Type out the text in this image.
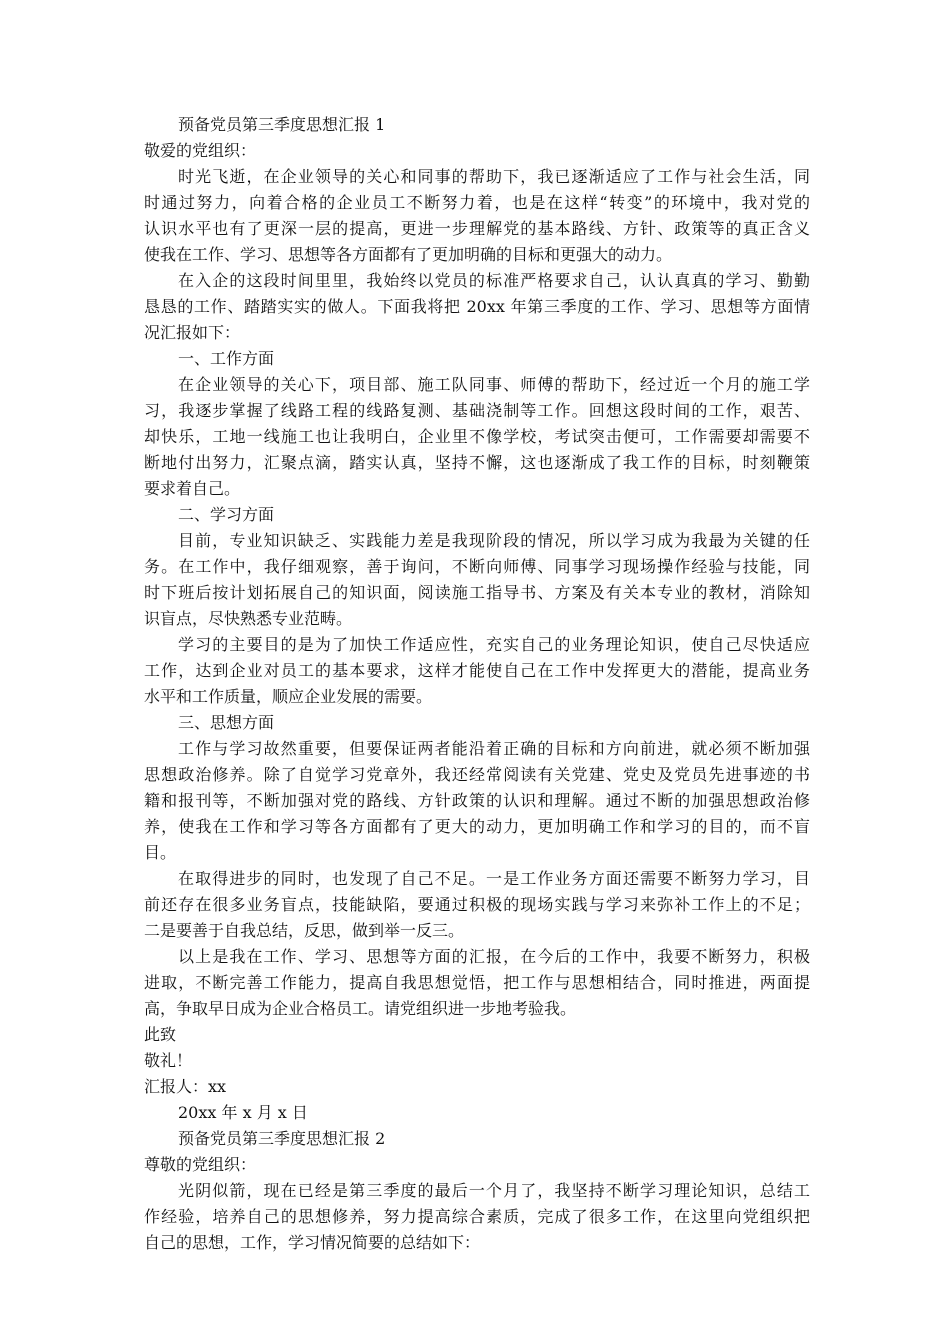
预备党员第三季度思想汇报 1

敬爱的党组织：

时光飞逝，在企业领导的关心和同事的帮助下，我已逐渐适应了工作与社会生活，同

时通过努力，向着合格的企业员工不断努力着，也是在这样“转变”的环境中，我对党的

认识水平也有了更深一层的提高，更进一步理解党的基本路线、方针、政策等的真正含义

使我在工作、学习、思想等各方面都有了更加明确的目标和更强大的动力。

在入企的这段时间里里，我始终以党员的标准严格要求自己，认认真真的学习、勤勤

恳恳的工作、踏踏实实的做人。下面我将把 20xx 年第三季度的工作、学习、思想等方面情

况汇报如下：

一、工作方面

在企业领导的关心下，项目部、施工队同事、师傅的帮助下，经过近一个月的施工学

习，我逐步掌握了线路工程的线路复测、基础浇制等工作。回想这段时间的工作，艰苦、

却快乐，工地一线施工也让我明白，企业里不像学校，考试突击便可，工作需要却需要不

断地付出努力，汇聚点滴，踏实认真，坚持不懈，这也逐渐成了我工作的目标，时刻鞭策

要求着自己。

二、学习方面

目前，专业知识缺乏、实践能力差是我现阶段的情况，所以学习成为我最为关键的任

务。在工作中，我仔细观察，善于询问，不断向师傅、同事学习现场操作经验与技能，同

时下班后按计划拓展自己的知识面，阅读施工指导书、方案及有关本专业的教材，消除知

识盲点，尽快熟悉专业范畴。

学习的主要目的是为了加快工作适应性，充实自己的业务理论知识，使自己尽快适应

工作，达到企业对员工的基本要求，这样才能使自己在工作中发挥更大的潜能，提高业务

水平和工作质量，顺应企业发展的需要。

三、思想方面

工作与学习故然重要，但要保证两者能沿着正确的目标和方向前进，就必须不断加强

思想政治修养。除了自觉学习党章外，我还经常阅读有关党建、党史及党员先进事迹的书

籍和报刊等，不断加强对党的路线、方针政策的认识和理解。通过不断的加强思想政治修

养，使我在工作和学习等各方面都有了更大的动力，更加明确工作和学习的目的，而不盲

目。

在取得进步的同时，也发现了自己不足。一是工作业务方面还需要不断努力学习，目

前还存在很多业务盲点，技能缺陷，要通过积极的现场实践与学习来弥补工作上的不足；

二是要善于自我总结，反思，做到举一反三。

以上是我在工作、学习、思想等方面的汇报，在今后的工作中，我要不断努力，积极

进取，不断完善工作能力，提高自我思想觉悟，把工作与思想相结合，同时推进，两面提

高，争取早日成为企业合格员工。请党组织进一步地考验我。

此致

敬礼！

汇报人：xx

20xx 年 x 月 x 日

预备党员第三季度思想汇报 2

尊敬的党组织：

光阴似箭，现在已经是第三季度的最后一个月了，我坚持不断学习理论知识，总结工

作经验，培养自己的思想修养，努力提高综合素质，完成了很多工作，在这里向党组织把

自己的思想，工作，学习情况简要的总结如下：
